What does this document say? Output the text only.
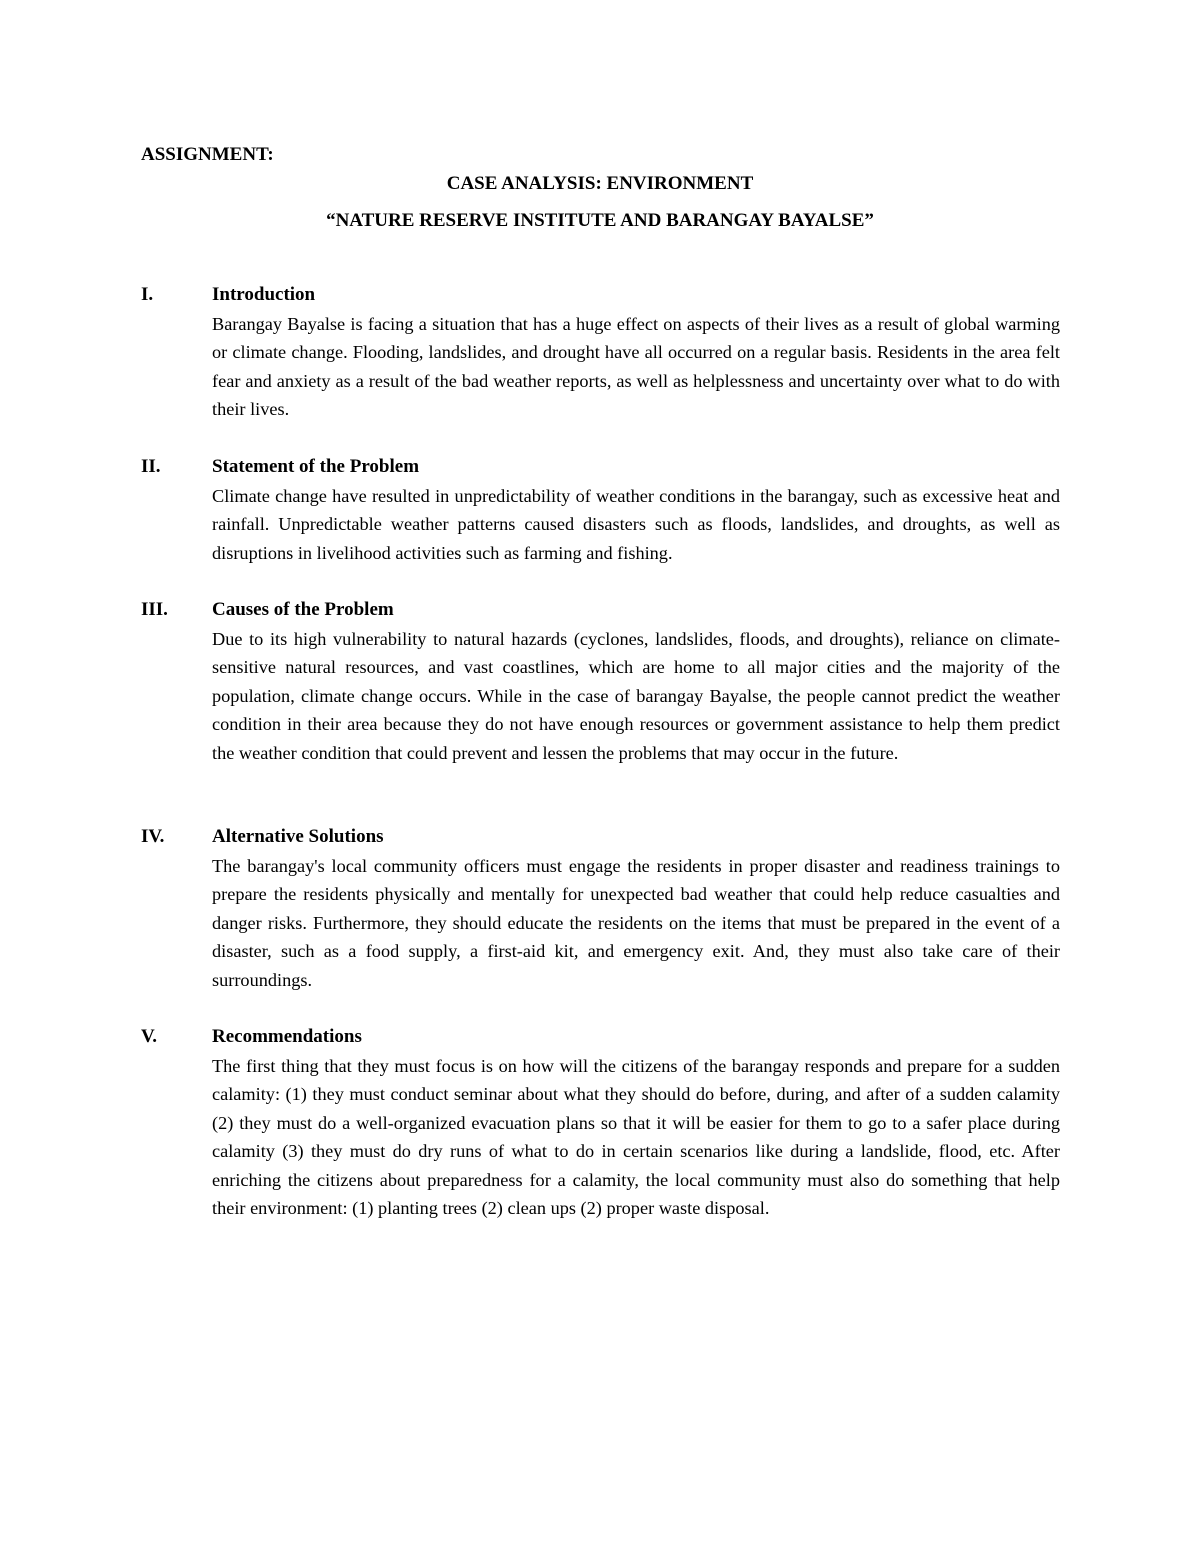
ASSIGNMENT:
CASE ANALYSIS: ENVIRONMENT
“NATURE RESERVE INSTITUTE AND BARANGAY BAYALSE”
I.	Introduction

Barangay Bayalse is facing a situation that has a huge effect on aspects of their lives as a result of global warming or climate change. Flooding, landslides, and drought have all occurred on a regular basis. Residents in the area felt fear and anxiety as a result of the bad weather reports, as well as helplessness and uncertainty over what to do with their lives.

II.	Statement of the Problem

Climate change have resulted in unpredictability of weather conditions in the barangay, such as excessive heat and rainfall. Unpredictable weather patterns caused disasters such as floods, landslides, and droughts, as well as disruptions in livelihood activities such as farming and fishing.

III. Causes of the Problem

Due to its high vulnerability to natural hazards (cyclones, landslides, floods, and droughts), reliance on climate-sensitive natural resources, and vast coastlines, which are home to all major cities and the majority of the population, climate change occurs. While in the case of barangay Bayalse, the people cannot predict the weather condition in their area because they do not have enough resources or government assistance to help them predict the weather condition that could prevent and lessen the problems that may occur in the future.

IV.	Alternative Solutions

The barangay's local community officers must engage the residents in proper disaster and readiness trainings to prepare the residents physically and mentally for unexpected bad weather that could help reduce casualties and danger risks. Furthermore, they should educate the residents on the items that must be prepared in the event of a disaster, such as a food supply, a first-aid kit, and emergency exit. And, they must also take care of their surroundings.

V.	Recommendations

The first thing that they must focus is on how will the citizens of the barangay responds and prepare for a sudden calamity: (1) they must conduct seminar about what they should do before, during, and after of a sudden calamity (2) they must do a well-organized evacuation plans so that it will be easier for them to go to a safer place during calamity (3) they must do dry runs of what to do in certain scenarios like during a landslide, flood, etc. After enriching the citizens about preparedness for a calamity, the local community must also do something that help their environment: (1) planting trees (2) clean ups (2) proper waste disposal.
